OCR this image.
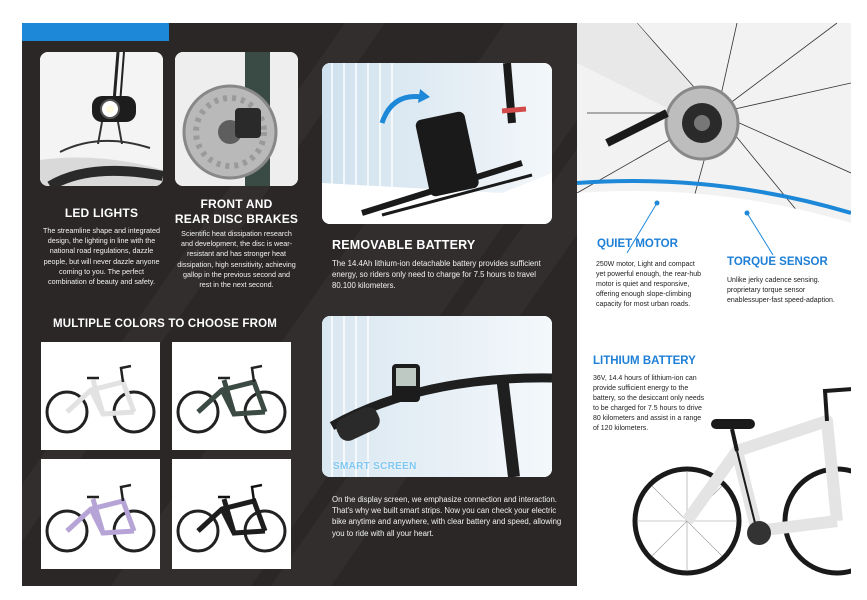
LED LIGHTS
The streamline shape and integrated design, the lighting in line with the national road regulations, dazzle people, but will never dazzle anyone coming to you. The perfect combination of beauty and safety.
FRONT AND
REAR DISC BRAKES
Scientific heat dissipation research and development, the disc is wear-resistant and has stronger heat dissipation, high sensitivity, achieving gallop in the previous second and rest in the next second.
MULTIPLE COLORS TO CHOOSE FROM
REMOVABLE BATTERY
The 14.4Ah lithium-ion detachable battery provides sufficient energy, so riders only need to charge for 7.5 hours to travel 80.100 kilometers.
SMART SCREEN
On the display screen, we emphasize connection and interaction. That's why we built smart strips. Now you can check your electric bike anytime and anywhere, with clear battery and speed, allowing you to ride with all your heart.
QUIET MOTOR
250W motor, Light and compact yet powerful enough, the rear-hub motor is quiet and responsive, offering enough slope-climbing capacity for most urban roads.
TORQUE SENSOR
Unlike jerky cadence sensing. proprietary torque sensor enablessuper-fast speed-adaption.
LITHIUM BATTERY
36V, 14.4 hours of lithium-ion can provide sufficient energy to the battery, so the desiccant only needs to be charged for 7.5 hours to drive 80 kilometers and assist in a range of 120 kilometers.
